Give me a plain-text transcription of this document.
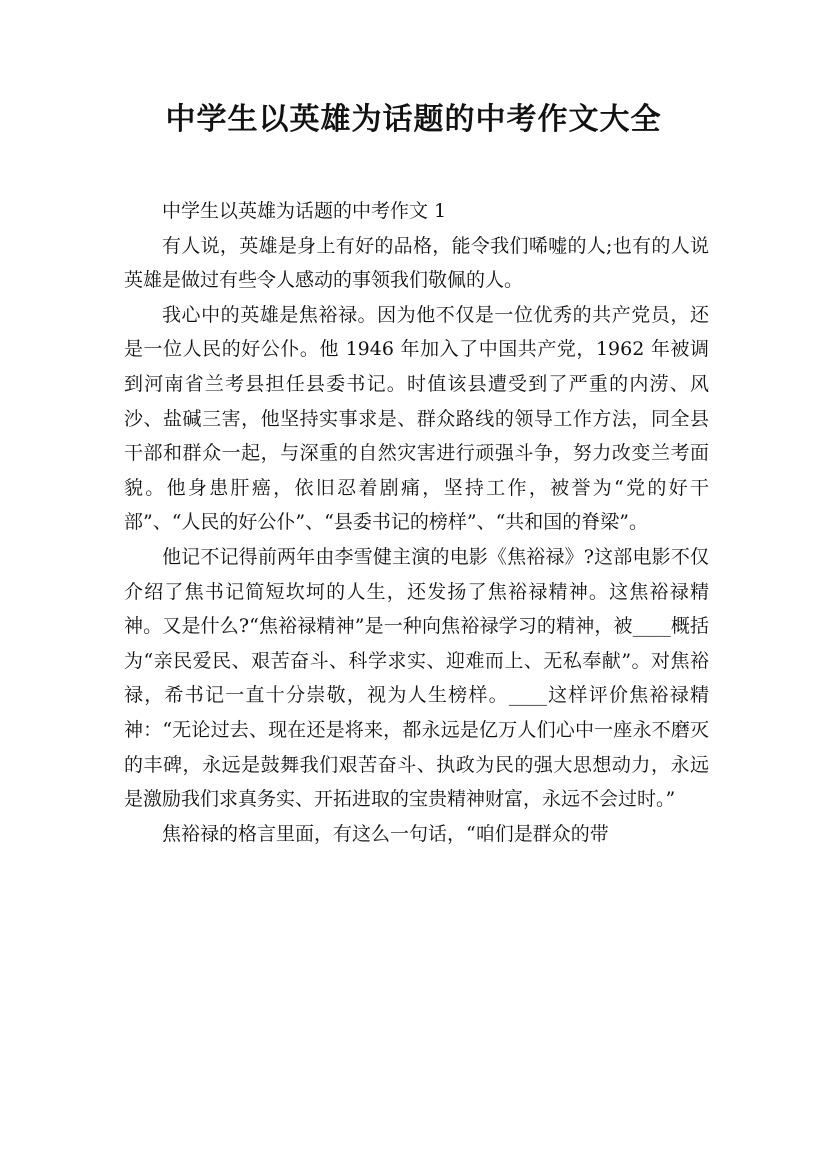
中学生以英雄为话题的中考作文大全

中学生以英雄为话题的中考作文 1

有人说，英雄是身上有好的品格，能令我们唏嘘的人;也有的人说英雄是做过有些令人感动的事领我们敬佩的人。

我心中的英雄是焦裕禄。因为他不仅是一位优秀的共产党员，还是一位人民的好公仆。他 1946 年加入了中国共产党，1962 年被调到河南省兰考县担任县委书记。时值该县遭受到了严重的内涝、风沙、盐碱三害，他坚持实事求是、群众路线的领导工作方法，同全县干部和群众一起，与深重的自然灾害进行顽强斗争，努力改变兰考面貌。他身患肝癌，依旧忍着剧痛，坚持工作，被誉为“党的好干部”、“人民的好公仆”、“县委书记的榜样”、“共和国的脊梁”。

他记不记得前两年由李雪健主演的电影《焦裕禄》?这部电影不仅介绍了焦书记简短坎坷的人生，还发扬了焦裕禄精神。这焦裕禄精神。又是什么?“焦裕禄精神”是一种向焦裕禄学习的精神，被____概括为“亲民爱民、艰苦奋斗、科学求实、迎难而上、无私奉献”。对焦裕禄，希书记一直十分崇敬，视为人生榜样。____这样评价焦裕禄精神：“无论过去、现在还是将来，都永远是亿万人们心中一座永不磨灭的丰碑，永远是鼓舞我们艰苦奋斗、执政为民的强大思想动力，永远是激励我们求真务实、开拓进取的宝贵精神财富，永远不会过时。”

焦裕禄的格言里面，有这么一句话，“咱们是群众的带
